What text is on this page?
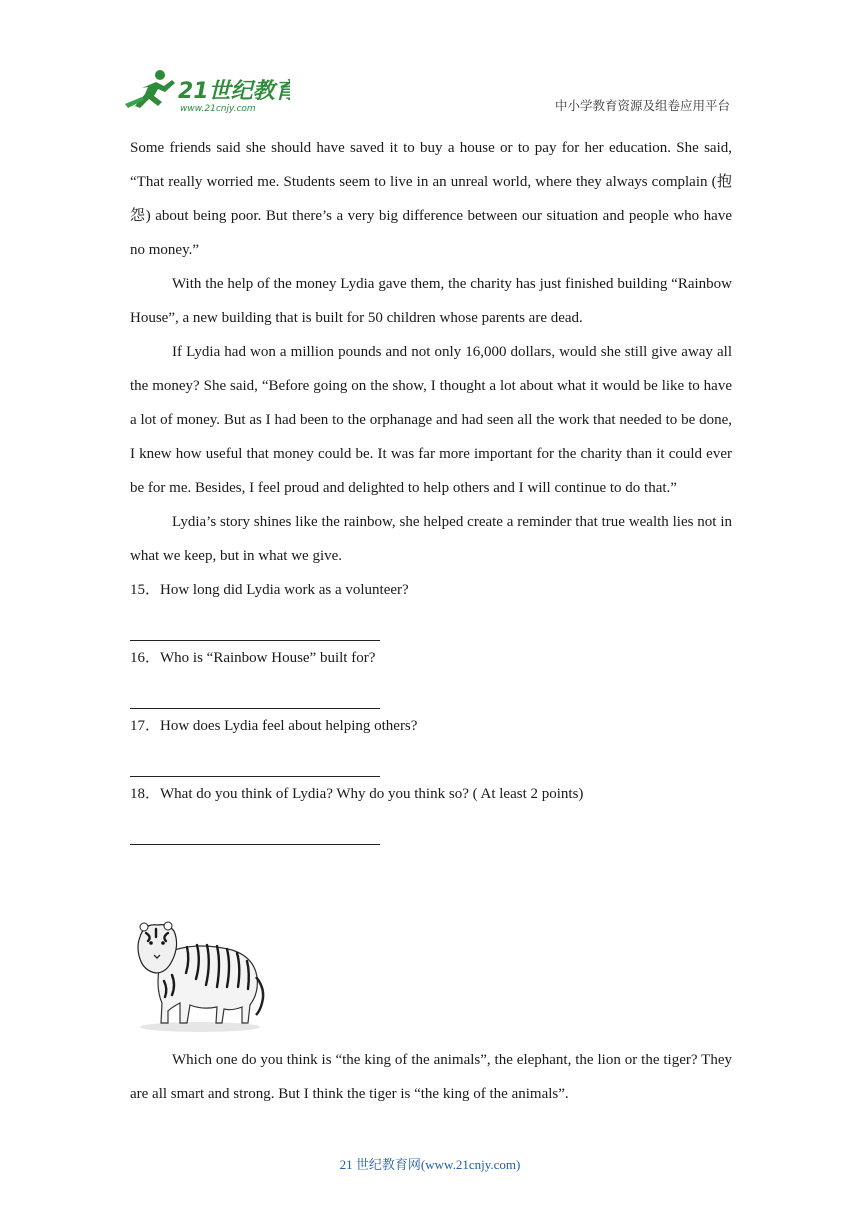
21世纪教育
www.21cnjy.com	中小学教育资源及组卷应用平台

Some friends said she should have saved it to buy a house or to pay for her education. She said, “That really worried me. Students seem to live in an unreal world, where they always complain (抱怨) about being poor. But there’s a very big difference between our situation and people who have no money.”

With the help of the money Lydia gave them, the charity has just finished building “Rainbow House”, a new building that is built for 50 children whose parents are dead.

If Lydia had won a million pounds and not only 16,000 dollars, would she still give away all the money? She said, “Before going on the show, I thought a lot about what it would be like to have a lot of money. But as I had been to the orphanage and had seen all the work that needed to be done, I knew how useful that money could be. It was far more important for the charity than it could ever be for me. Besides, I feel proud and delighted to help others and I will continue to do that.”

Lydia’s story shines like the rainbow, she helped create a reminder that true wealth lies not in what we keep, but in what we give.

15．How long did Lydia work as a volunteer?

16．Who is “Rainbow House” built for?

17．How does Lydia feel about helping others?

18．What do you think of Lydia? Why do you think so? ( At least 2 points)

Which one do you think is “the king of the animals”, the elephant, the lion or the tiger? They are all smart and strong. But I think the tiger is “the king of the animals”.

21 世纪教育网(www.21cnjy.com)
